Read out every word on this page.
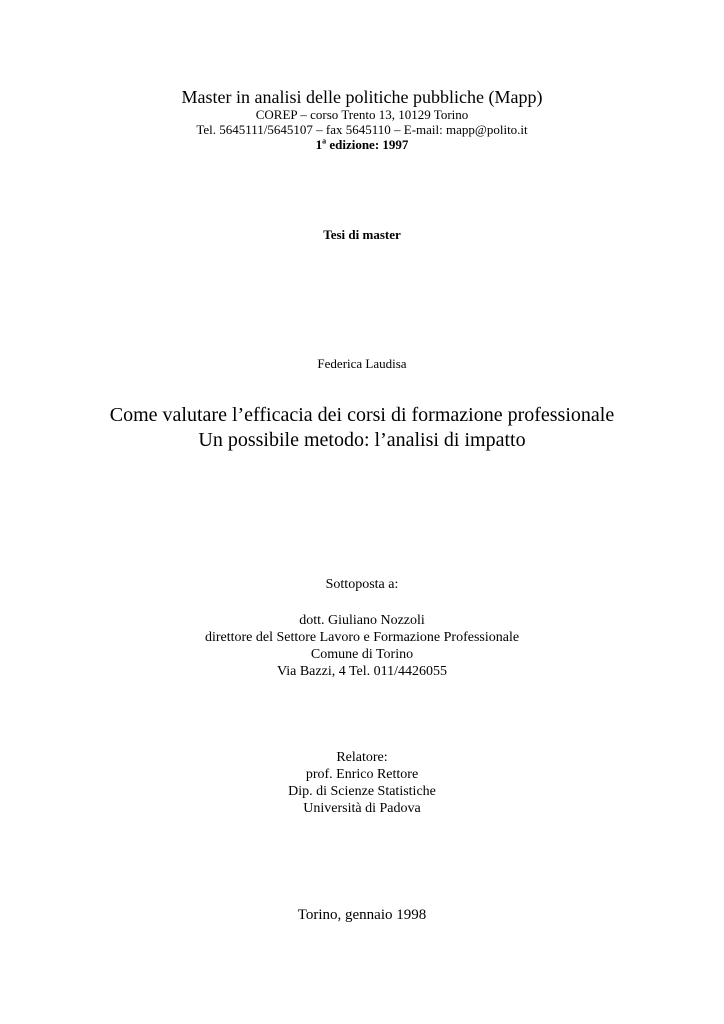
Master in analisi delle politiche pubbliche (Mapp)
COREP – corso Trento 13, 10129 Torino
Tel. 5645111/5645107 – fax 5645110 – E-mail: mapp@polito.it
1$^a$ edizione: 1997
Tesi di master
Federica Laudisa
Come valutare l’efficacia dei corsi di formazione professionale
Un possibile metodo: l’analisi di impatto
Sottoposta a:
dott. Giuliano Nozzoli
direttore del Settore Lavoro e Formazione Professionale
Comune di Torino
Via Bazzi, 4 Tel. 011/4426055
Relatore:
prof. Enrico Rettore
Dip. di Scienze Statistiche
Università di Padova
Torino, gennaio 1998
